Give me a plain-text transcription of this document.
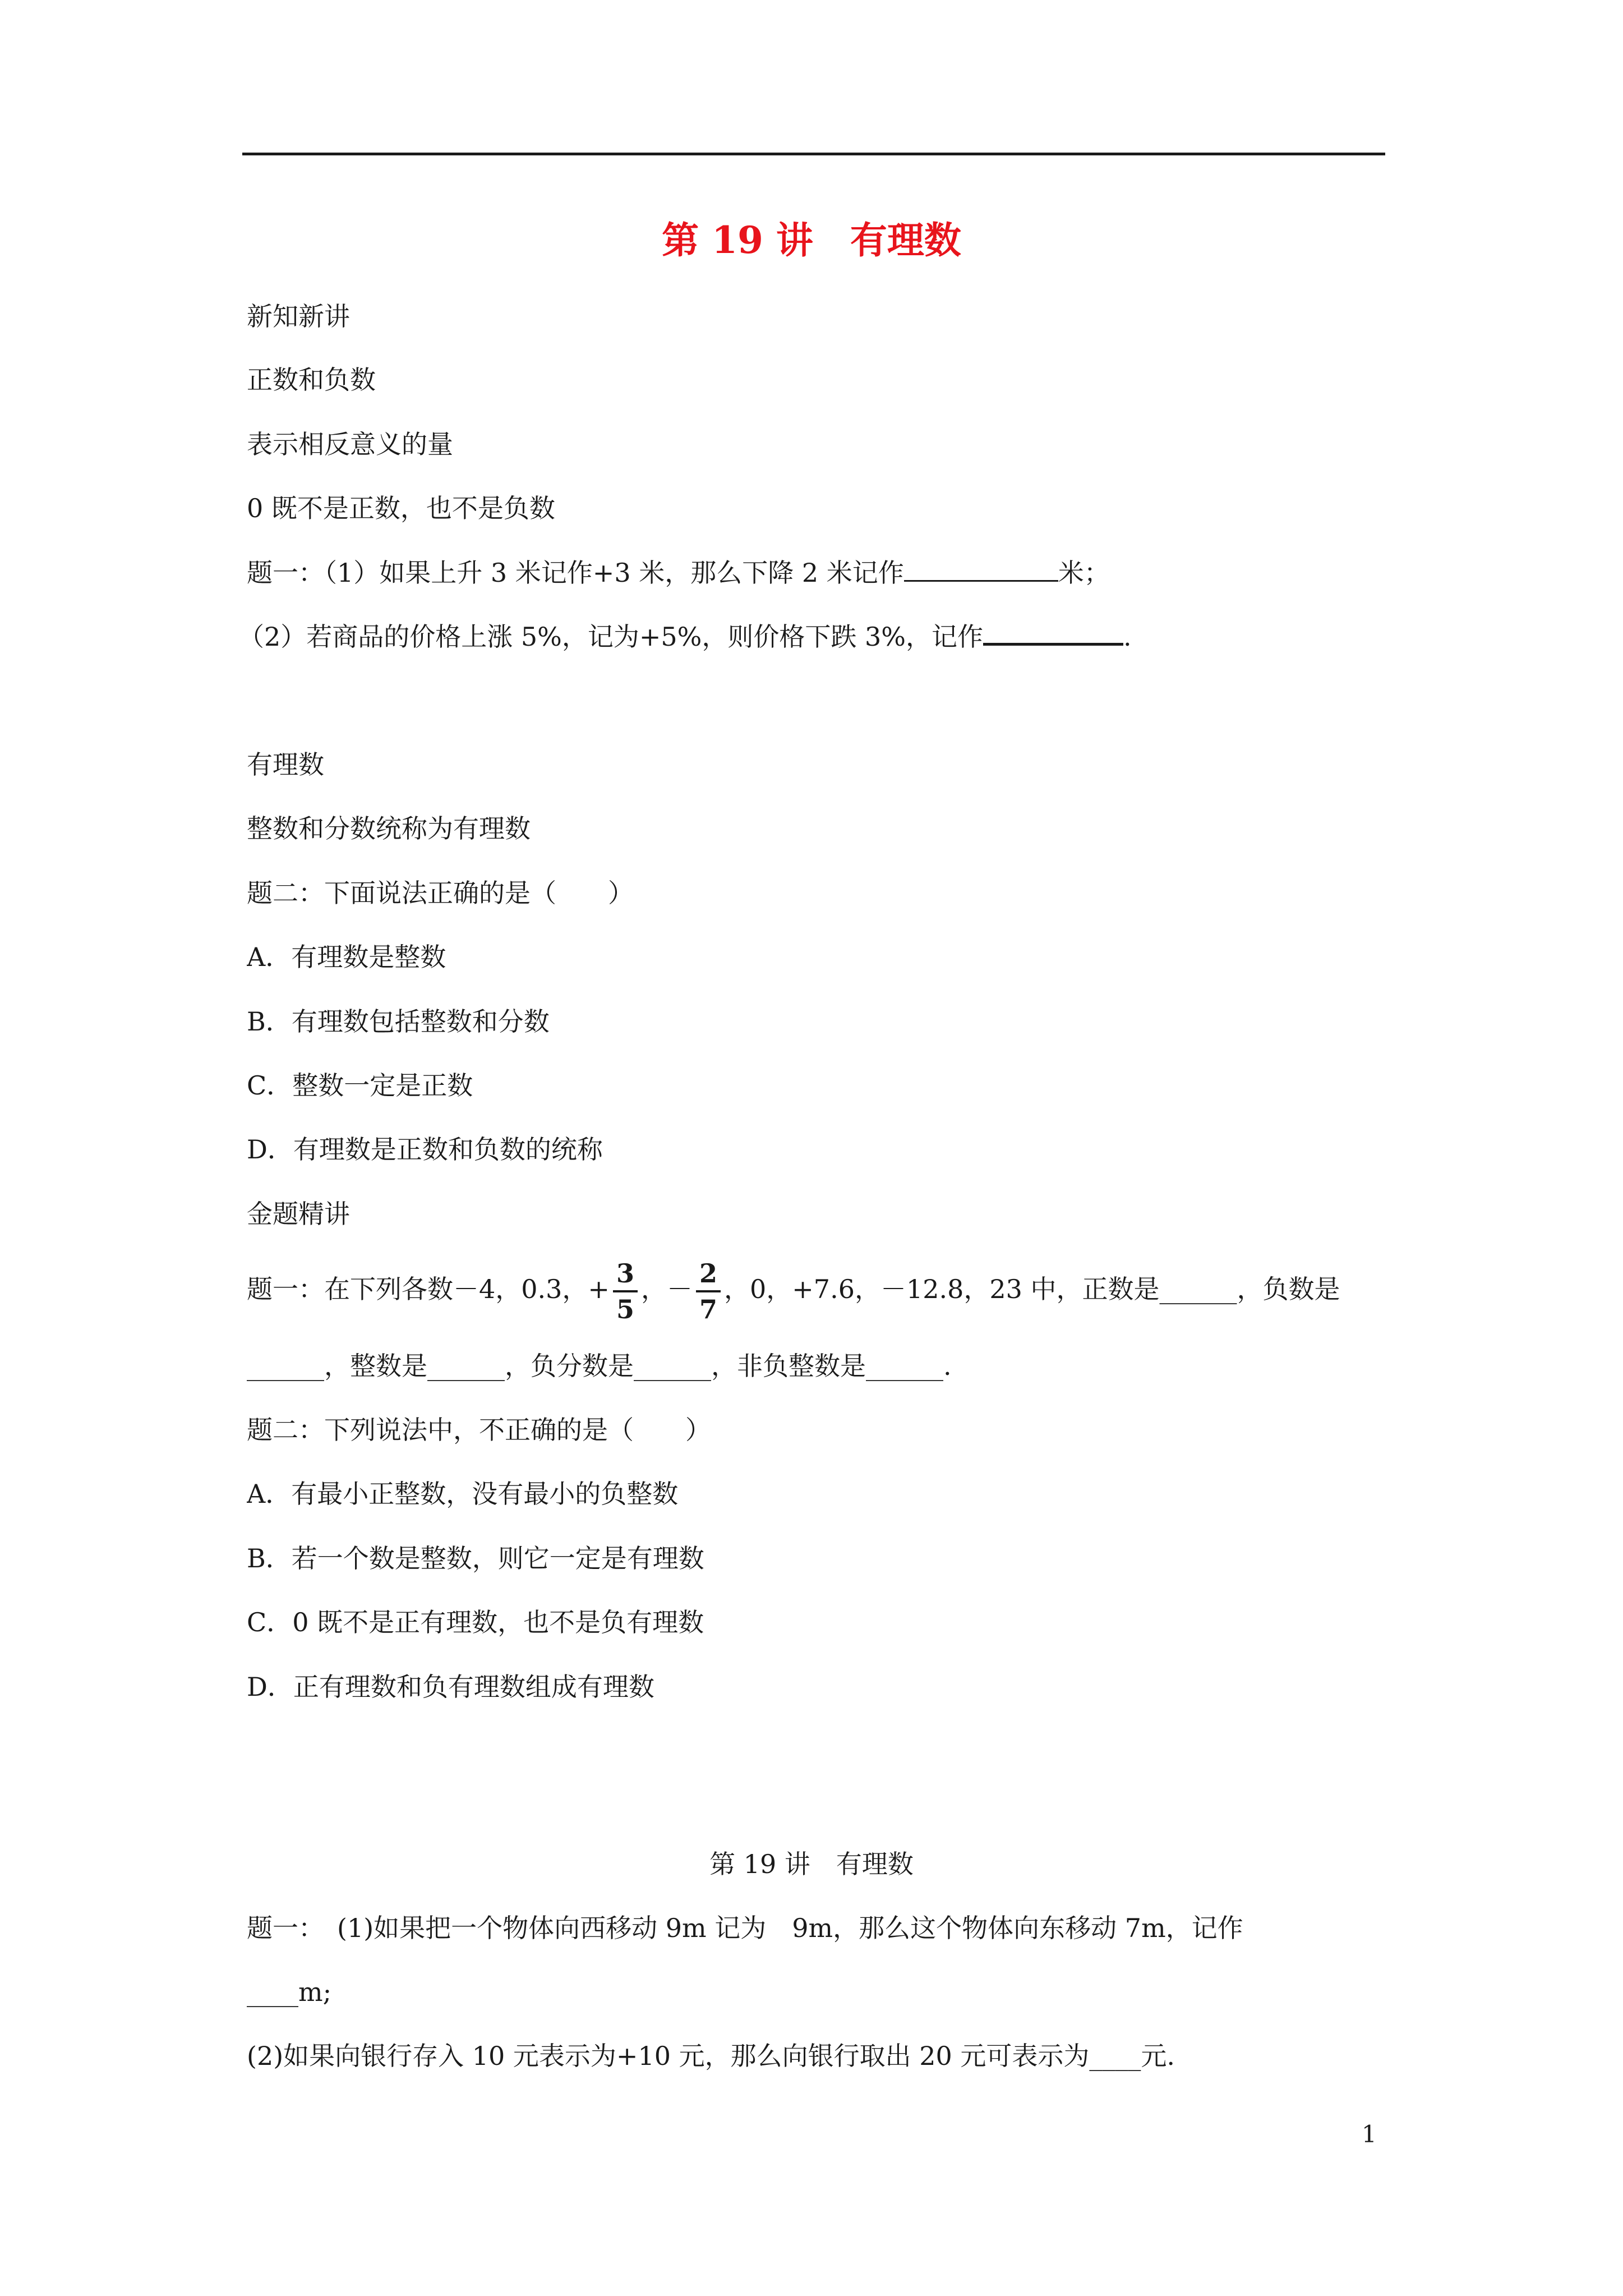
第 19 讲　有理数
新知新讲
正数和负数
表示相反意义的量
0 既不是正数，也不是负数
题一：（1）如果上升 3 米记作+3 米，那么下降 2 米记作	米；
（2）若商品的价格上涨 5%，记为+5%，则价格下跌 3%，记作	.
有理数
整数和分数统称为有理数
题二：下面说法正确的是（　　）
A．有理数是整数
B．有理数包括整数和分数
C．整数一定是正数
D．有理数是正数和负数的统称
金题精讲
题一：在下列各数－4，0.3，+ $\frac{3}{5}$ ，－ $\frac{2}{7}$ ，0，+7.6，－12.8，23 中，正数是______，负数是
______，整数是______，负分数是______，非负整数是______.
题二：下列说法中，不正确的是（　　）
A．有最小正整数，没有最小的负整数
B．若一个数是整数，则它一定是有理数
C．0 既不是正有理数，也不是负有理数
D．正有理数和负有理数组成有理数
第 19 讲　有理数
题一：　(1)如果把一个物体向西移动 9m 记为　9m，那么这个物体向东移动 7m，记作
____m;
(2)如果向银行存入 10 元表示为+10 元，那么向银行取出 20 元可表示为____元.
1
